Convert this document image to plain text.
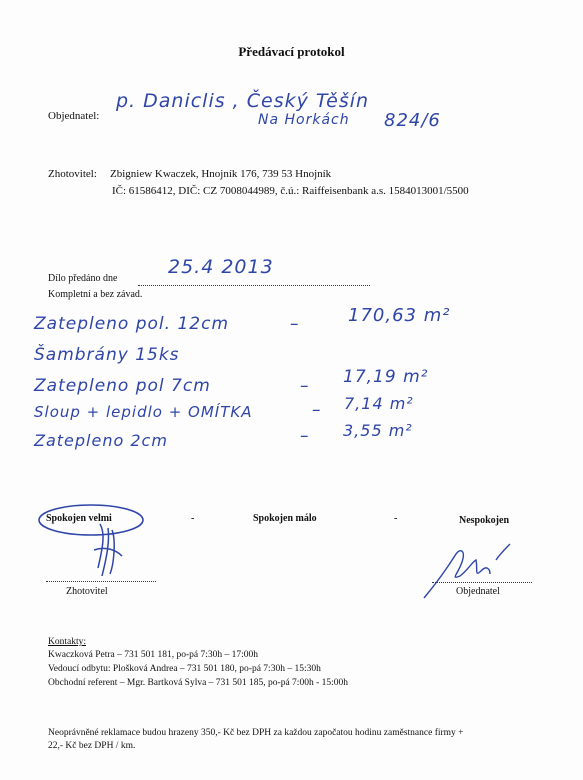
Předávací protokol
Objednatel:
p. Daniclis , Český Těšín
Na Horkách 824/6
Zhotovitel: Zbigniew Kwaczek, Hnojník 176, 739 53 Hnojník
IČ: 61586412, DIČ: CZ 7008044989, č.ú.: Raiffeisenbank a.s. 1584013001/5500
Dílo předáno dne
25.4 2013
Kompletní a bez závad.
Zatepleno pol. 12cm	–	170,63 m²
Šambrány 15ks
Zatepleno pol 7cm	– 17,19 m²
Sloup + lepidlo + OMÍTKA	– 7,14 m²
Zatepleno 2cm	– 3,55 m²
Spokojen velmi	-	Spokojen málo	-	Nespokojen
Zhotovitel	Objednatel
Kontakty:
Kwaczková Petra – 731 501 181, po-pá 7:30h – 17:00h
Vedoucí odbytu: Plošková Andrea – 731 501 180, po-pá 7:30h – 15:30h
Obchodní referent – Mgr. Bartková Sylva – 731 501 185, po-pá 7:00h - 15:00h
Neoprávněné reklamace budou hrazeny 350,- Kč bez DPH za každou započatou hodinu zaměstnance firmy +
22,- Kč bez DPH / km.
